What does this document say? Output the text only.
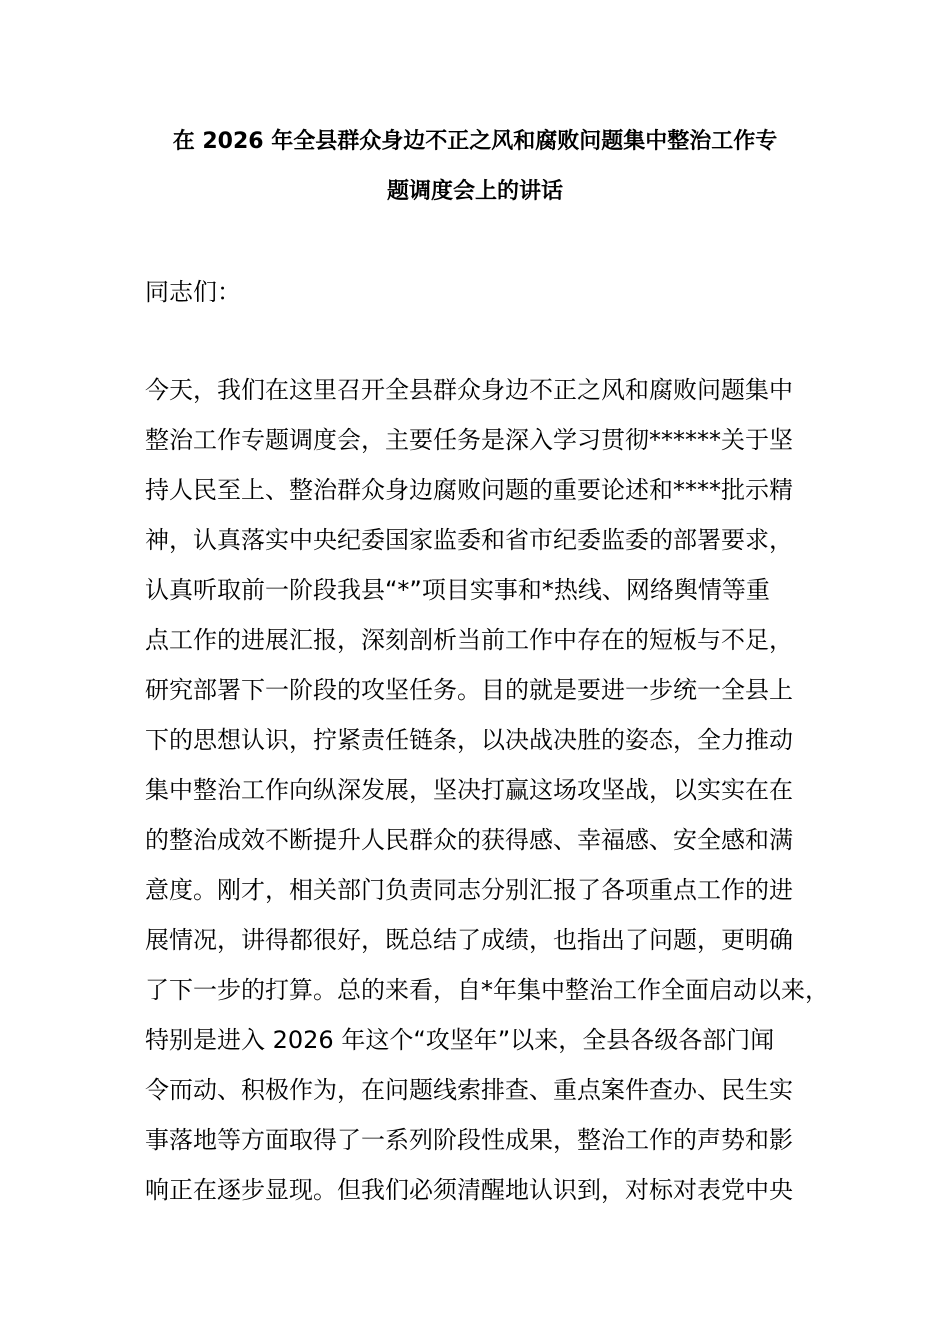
在 2026 年全县群众身边不正之风和腐败问题集中整治工作专
题调度会上的讲话
同志们：
今天，我们在这里召开全县群众身边不正之风和腐败问题集中
整治工作专题调度会，主要任务是深入学习贯彻******关于坚
持人民至上、整治群众身边腐败问题的重要论述和****批示精
神，认真落实中央纪委国家监委和省市纪委监委的部署要求，
认真听取前一阶段我县“*”项目实事和*热线、网络舆情等重
点工作的进展汇报，深刻剖析当前工作中存在的短板与不足，
研究部署下一阶段的攻坚任务。目的就是要进一步统一全县上
下的思想认识，拧紧责任链条，以决战决胜的姿态，全力推动
集中整治工作向纵深发展，坚决打赢这场攻坚战，以实实在在
的整治成效不断提升人民群众的获得感、幸福感、安全感和满
意度。刚才，相关部门负责同志分别汇报了各项重点工作的进
展情况，讲得都很好，既总结了成绩，也指出了问题，更明确
了下一步的打算。总的来看，自*年集中整治工作全面启动以来，
特别是进入 2026 年这个“攻坚年”以来，全县各级各部门闻
令而动、积极作为，在问题线索排查、重点案件查办、民生实
事落地等方面取得了一系列阶段性成果，整治工作的声势和影
响正在逐步显现。但我们必须清醒地认识到，对标对表党中央
